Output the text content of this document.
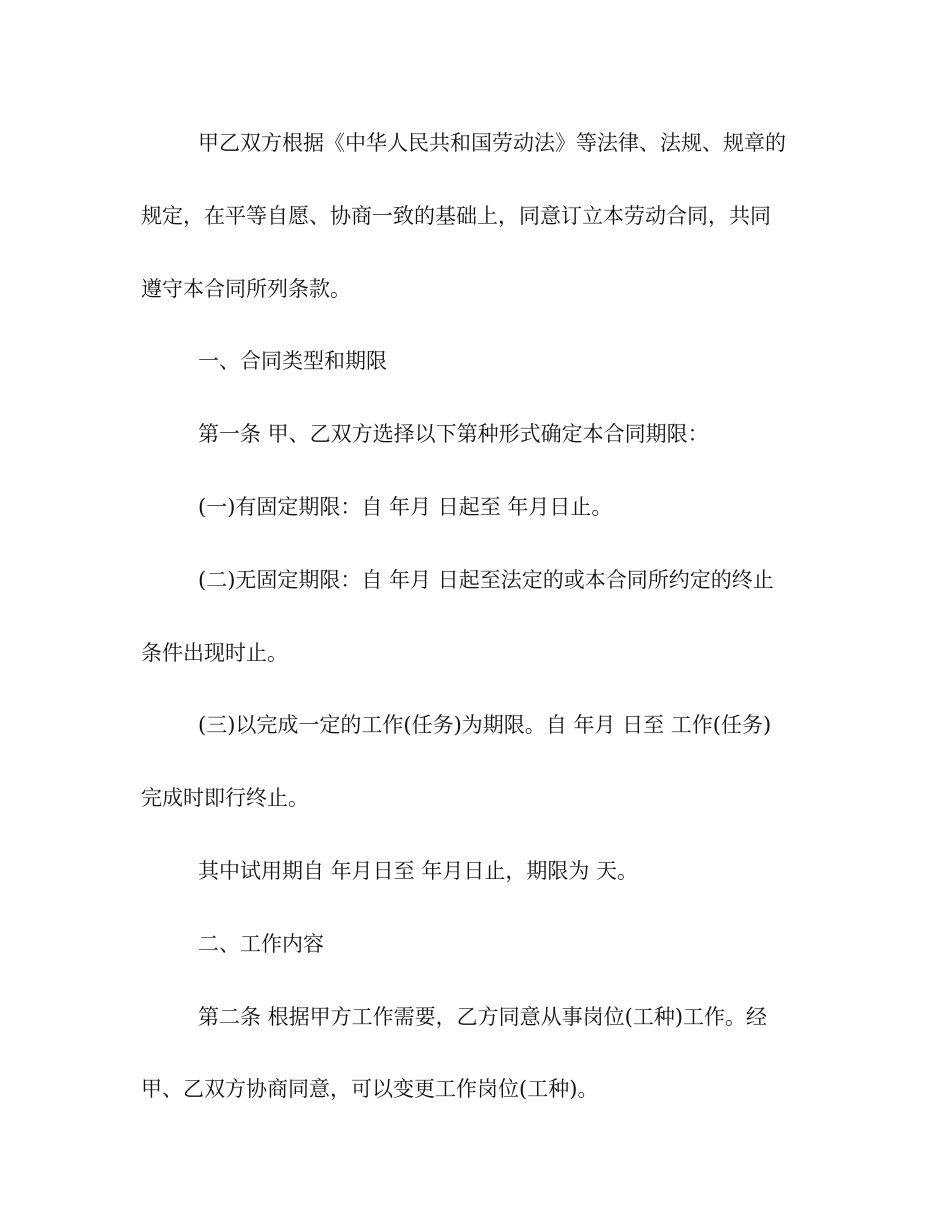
甲乙双方根据《中华人民共和国劳动法》等法律、法规、规章的
规定，在平等自愿、协商一致的基础上，同意订立本劳动合同，共同
遵守本合同所列条款。
一、合同类型和期限
第一条 甲、乙双方选择以下第种形式确定本合同期限：
(一)有固定期限：自 年月 日起至 年月日止。
(二)无固定期限：自 年月 日起至法定的或本合同所约定的终止
条件出现时止。
(三)以完成一定的工作(任务)为期限。自 年月 日至 工作(任务)
完成时即行终止。
其中试用期自 年月日至 年月日止，期限为 天。
二、工作内容
第二条 根据甲方工作需要，乙方同意从事岗位(工种)工作。经
甲、乙双方协商同意，可以变更工作岗位(工种)。
